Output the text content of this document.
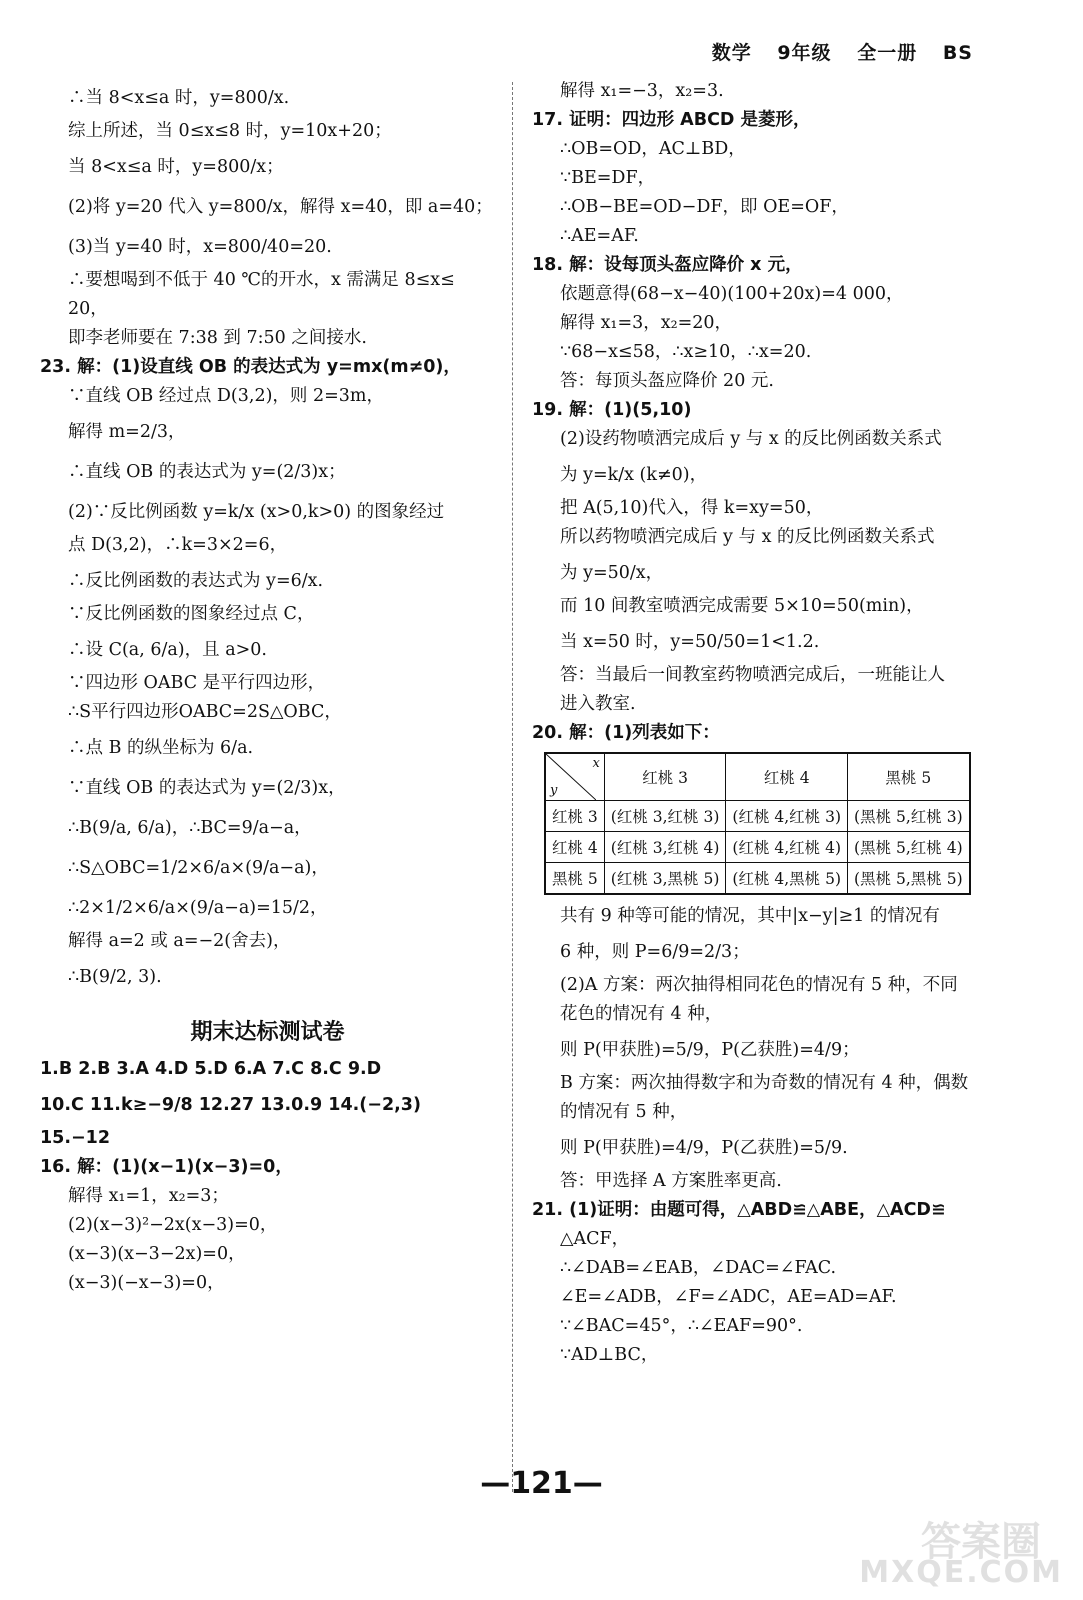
数学 9年级 全一册 BS
∴当 8<x≤a 时，y=800/x.
综上所述，当 0≤x≤8 时，y=10x+20；
当 8<x≤a 时，y=800/x；
(2)将 y=20 代入 y=800/x，解得 x=40，即 a=40；
(3)当 y=40 时，x=800/40=20.
∴要想喝到不低于 40 ℃的开水，x 需满足 8≤x≤
20，
即李老师要在 7:38 到 7:50 之间接水.
23. 解：(1)设直线 OB 的表达式为 y=mx(m≠0)，
∵直线 OB 经过点 D(3,2)，则 2=3m，
解得 m=2/3，
∴直线 OB 的表达式为 y=(2/3)x；
(2)∵反比例函数 y=k/x (x>0,k>0) 的图象经过
点 D(3,2)，∴k=3×2=6，
∴反比例函数的表达式为 y=6/x.
∵反比例函数的图象经过点 C，
∴设 C(a, 6/a)，且 a>0.
∵四边形 OABC 是平行四边形，
∴S平行四边形OABC=2S△OBC，
∴点 B 的纵坐标为 6/a.
∵直线 OB 的表达式为 y=(2/3)x，
∴B(9/a, 6/a)，∴BC=9/a−a，
∴S△OBC=1/2×6/a×(9/a−a)，
∴2×1/2×6/a×(9/a−a)=15/2，
解得 a=2 或 a=−2(舍去)，
∴B(9/2, 3).
期末达标测试卷
1.B 2.B 3.A 4.D 5.D 6.A 7.C 8.C 9.D
10.C 11.k≥−9/8 12.27 13.0.9 14.(−2,3)
15.−12
16. 解：(1)(x−1)(x−3)=0，
解得 x₁=1，x₂=3；
(2)(x−3)²−2x(x−3)=0，
(x−3)(x−3−2x)=0，
(x−3)(−x−3)=0，
解得 x₁=−3，x₂=3.
17. 证明：四边形 ABCD 是菱形，
∴OB=OD，AC⊥BD，
∵BE=DF，
∴OB−BE=OD−DF，即 OE=OF，
∴AE=AF.
18. 解：设每顶头盔应降价 x 元，
依题意得(68−x−40)(100+20x)=4 000，
解得 x₁=3，x₂=20，
∵68−x≤58，∴x≥10，∴x=20.
答：每顶头盔应降价 20 元.
19. 解：(1)(5,10)
(2)设药物喷洒完成后 y 与 x 的反比例函数关系式
为 y=k/x (k≠0)，
把 A(5,10)代入，得 k=xy=50，
所以药物喷洒完成后 y 与 x 的反比例函数关系式
为 y=50/x，
而 10 间教室喷洒完成需要 5×10=50(min)，
当 x=50 时，y=50/50=1<1.2.
答：当最后一间教室药物喷洒完成后，一班能让人
进入教室.
20. 解：(1)列表如下：
x
y	红桃 3	红桃 4	黑桃 5
红桃 3	(红桃 3,红桃 3)	(红桃 4,红桃 3)	(黑桃 5,红桃 3)
红桃 4	(红桃 3,红桃 4)	(红桃 4,红桃 4)	(黑桃 5,红桃 4)
黑桃 5	(红桃 3,黑桃 5)	(红桃 4,黑桃 5)	(黑桃 5,黑桃 5)
共有 9 种等可能的情况，其中|x−y|≥1 的情况有
6 种，则 P=6/9=2/3；
(2)A 方案：两次抽得相同花色的情况有 5 种，不同
花色的情况有 4 种，
则 P(甲获胜)=5/9，P(乙获胜)=4/9；
B 方案：两次抽得数字和为奇数的情况有 4 种，偶数
的情况有 5 种，
则 P(甲获胜)=4/9，P(乙获胜)=5/9.
答：甲选择 A 方案胜率更高.
21. (1)证明：由题可得，△ABD≌△ABE，△ACD≌
△ACF，
∴∠DAB=∠EAB，∠DAC=∠FAC.
∠E=∠ADB，∠F=∠ADC，AE=AD=AF.
∵∠BAC=45°，∴∠EAF=90°.
∵AD⊥BC，
—121—
答案圈
MXQE.COM
